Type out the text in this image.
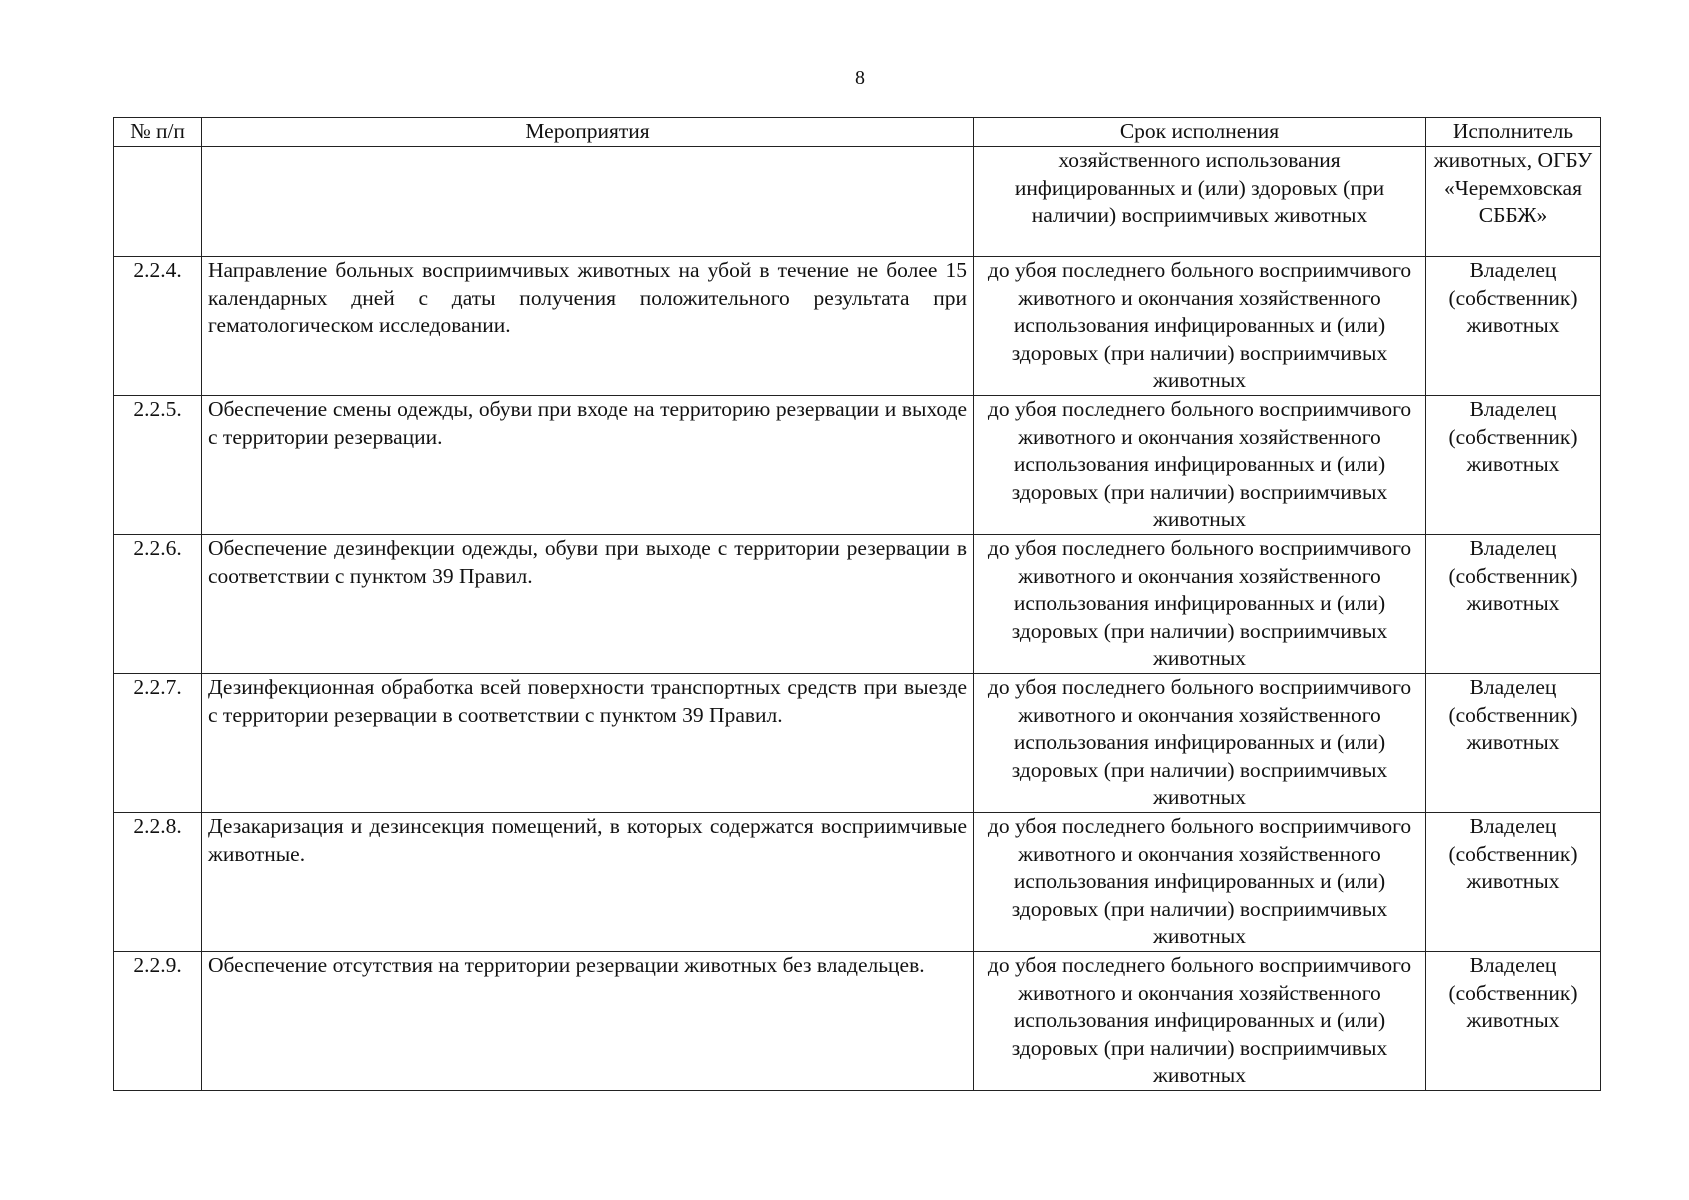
8
№ п/п	Мероприятия	Срок исполнения	Исполнитель
		хозяйственного использования инфицированных и (или) здоровых (при наличии) восприимчивых животных	животных, ОГБУ «Черемховская СББЖ»
2.2.4.	Направление больных восприимчивых животных на убой в течение не более 15 календарных дней с даты получения положительного результата при гематологическом исследовании.	до убоя последнего больного восприимчивого животного и окончания хозяйственного использования инфицированных и (или) здоровых (при наличии) восприимчивых животных	Владелец (собственник) животных
2.2.5.	Обеспечение смены одежды, обуви при входе на территорию резервации и выходе с территории резервации.	до убоя последнего больного восприимчивого животного и окончания хозяйственного использования инфицированных и (или) здоровых (при наличии) восприимчивых животных	Владелец (собственник) животных
2.2.6.	Обеспечение дезинфекции одежды, обуви при выходе с территории резервации в соответствии с пунктом 39 Правил.	до убоя последнего больного восприимчивого животного и окончания хозяйственного использования инфицированных и (или) здоровых (при наличии) восприимчивых животных	Владелец (собственник) животных
2.2.7.	Дезинфекционная обработка всей поверхности транспортных средств при выезде с территории резервации в соответствии с пунктом 39 Правил.	до убоя последнего больного восприимчивого животного и окончания хозяйственного использования инфицированных и (или) здоровых (при наличии) восприимчивых животных	Владелец (собственник) животных
2.2.8.	Дезакаризация и дезинсекция помещений, в которых содержатся восприимчивые животные.	до убоя последнего больного восприимчивого животного и окончания хозяйственного использования инфицированных и (или) здоровых (при наличии) восприимчивых животных	Владелец (собственник) животных
2.2.9.	Обеспечение отсутствия на территории резервации животных без владельцев.	до убоя последнего больного восприимчивого животного и окончания хозяйственного использования инфицированных и (или) здоровых (при наличии) восприимчивых животных	Владелец (собственник) животных
